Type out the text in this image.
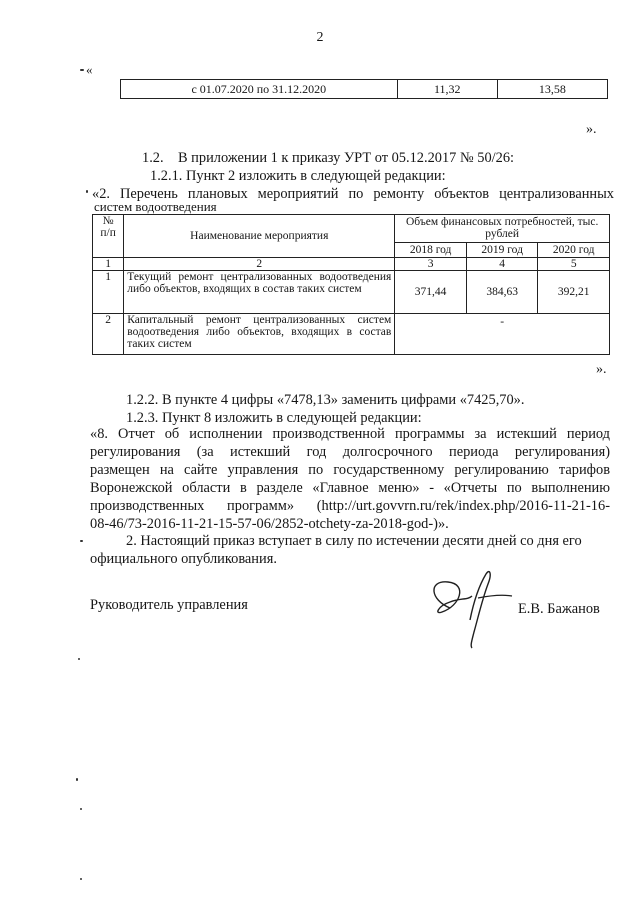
2
«
с 01.07.2020 по 31.12.2020	11,32	13,58
».
1.2.    В приложении 1 к приказу УРТ от 05.12.2017 № 50/26:
1.2.1. Пункт 2 изложить в следующей редакции:
«2. Перечень плановых мероприятий по ремонту объектов централизованных
систем водоотведения
№
п/п	Наименование мероприятия	Объем финансовых потребностей, тыс. рублей		
		2018 год	2019 год	2020 год
1	2	3	4	5
1	Текущий ремонт централизованных водоотведения либо объектов, входящих в состав таких систем	371,44	384,63	392,21
2	Капитальный ремонт централизованных систем водоотведения либо объектов, входящих в состав таких систем	-		
».
1.2.2. В пункте 4 цифры «7478,13» заменить цифрами «7425,70».
1.2.3. Пункт 8 изложить в следующей редакции:
«8. Отчет об исполнении производственной программы за истекший период
регулирования (за истекший год долгосрочного периода регулирования)
размещен на сайте управления по государственному регулированию тарифов
Воронежской области в разделе «Главное меню» - «Отчеты по выполнению
производственных программ» (http://urt.govvrn.ru/rek/index.php/2016-11-21-16-
08-46/73-2016-11-21-15-57-06/2852-otchety-za-2018-god-)».
2. Настоящий приказ вступает в силу по истечении десяти дней со дня его
официального опубликования.
Руководитель управления	Е.В. Бажанов
